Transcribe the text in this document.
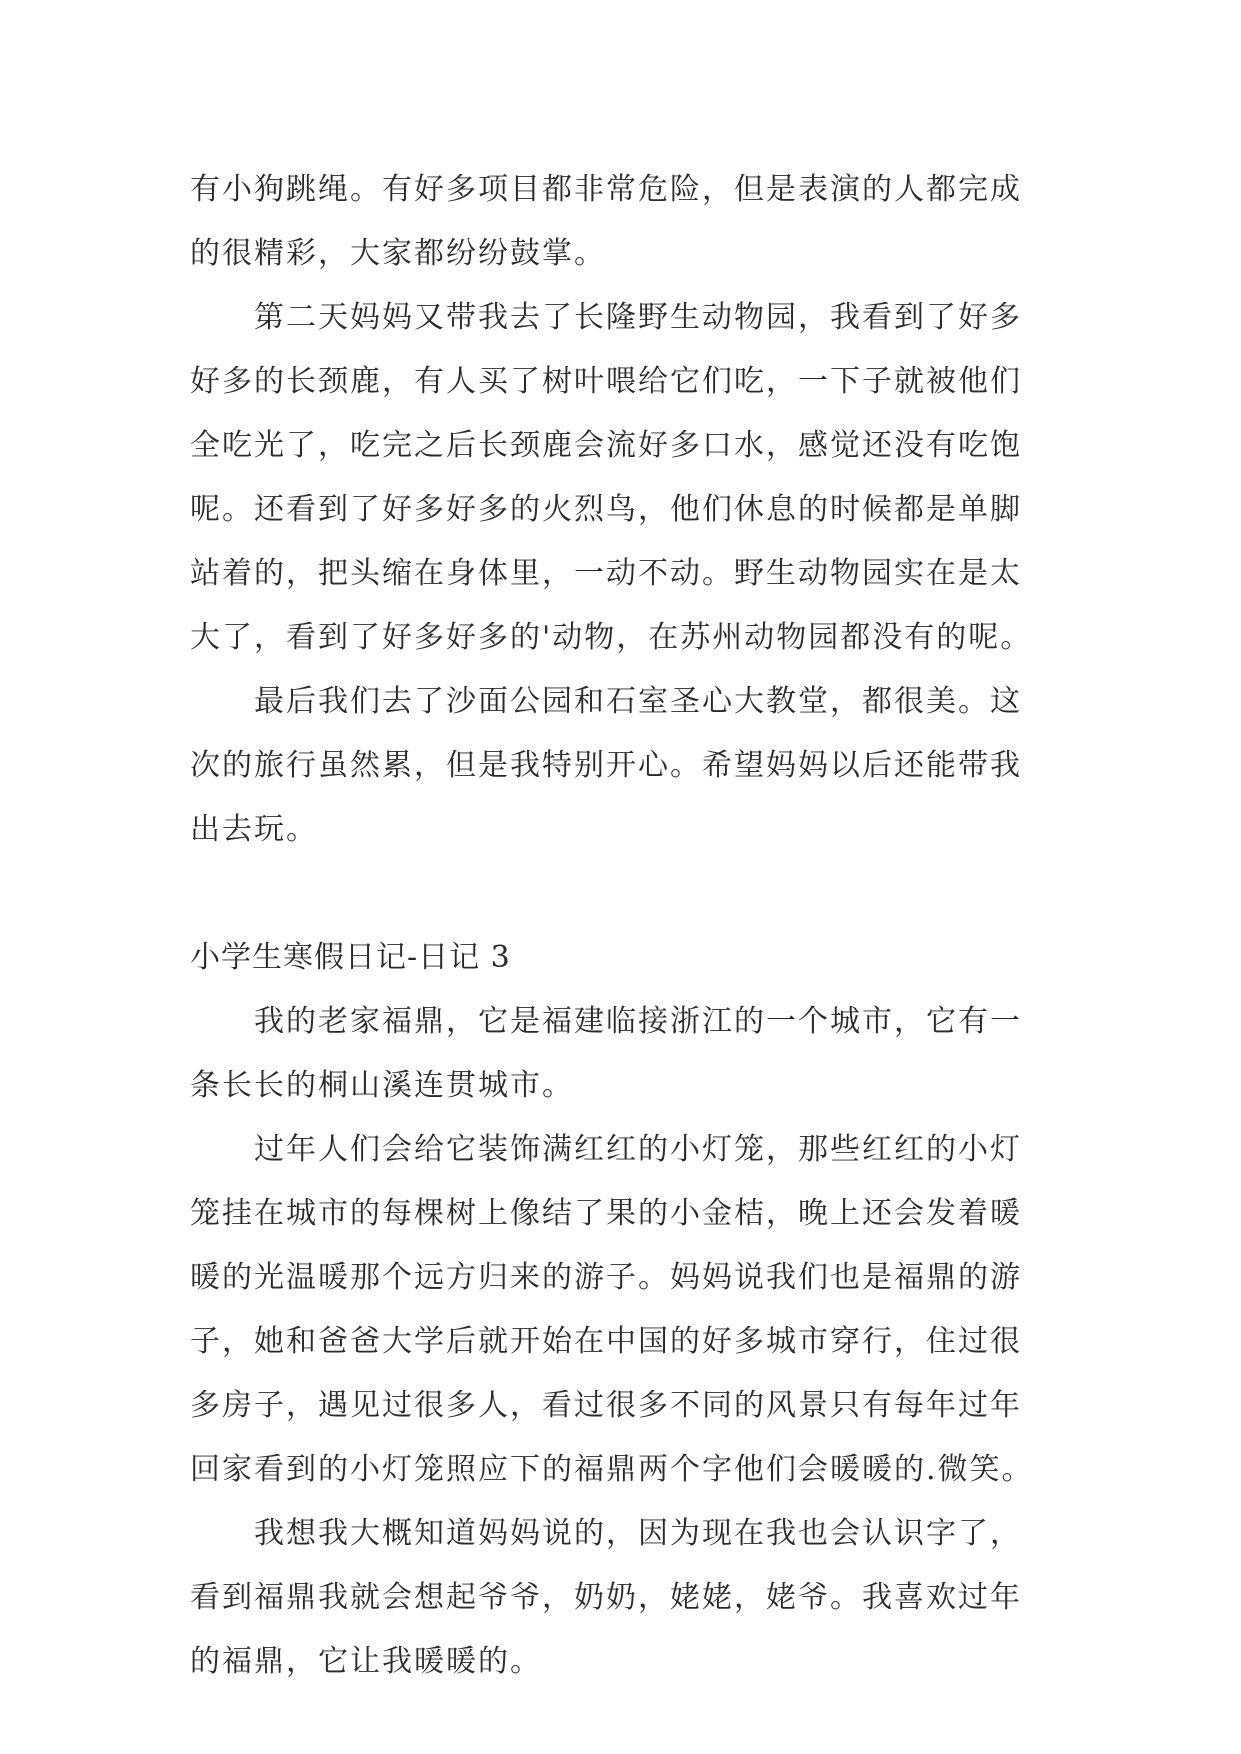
有小狗跳绳。有好多项目都非常危险，但是表演的人都完成
的很精彩，大家都纷纷鼓掌。
第二天妈妈又带我去了长隆野生动物园，我看到了好多
好多的长颈鹿，有人买了树叶喂给它们吃，一下子就被他们
全吃光了，吃完之后长颈鹿会流好多口水，感觉还没有吃饱
呢。还看到了好多好多的火烈鸟，他们休息的时候都是单脚
站着的，把头缩在身体里，一动不动。野生动物园实在是太
大了，看到了好多好多的'动物，在苏州动物园都没有的呢。
最后我们去了沙面公园和石室圣心大教堂，都很美。这
次的旅行虽然累，但是我特别开心。希望妈妈以后还能带我
出去玩。
小学生寒假日记-日记 3
我的老家福鼎，它是福建临接浙江的一个城市，它有一
条长长的桐山溪连贯城市。
过年人们会给它装饰满红红的小灯笼，那些红红的小灯
笼挂在城市的每棵树上像结了果的小金桔，晚上还会发着暖
暖的光温暖那个远方归来的游子。妈妈说我们也是福鼎的游
子，她和爸爸大学后就开始在中国的好多城市穿行，住过很
多房子，遇见过很多人，看过很多不同的风景只有每年过年
回家看到的小灯笼照应下的福鼎两个字他们会暖暖的.微笑。
我想我大概知道妈妈说的，因为现在我也会认识字了，
看到福鼎我就会想起爷爷，奶奶，姥姥，姥爷。我喜欢过年
的福鼎，它让我暖暖的。
